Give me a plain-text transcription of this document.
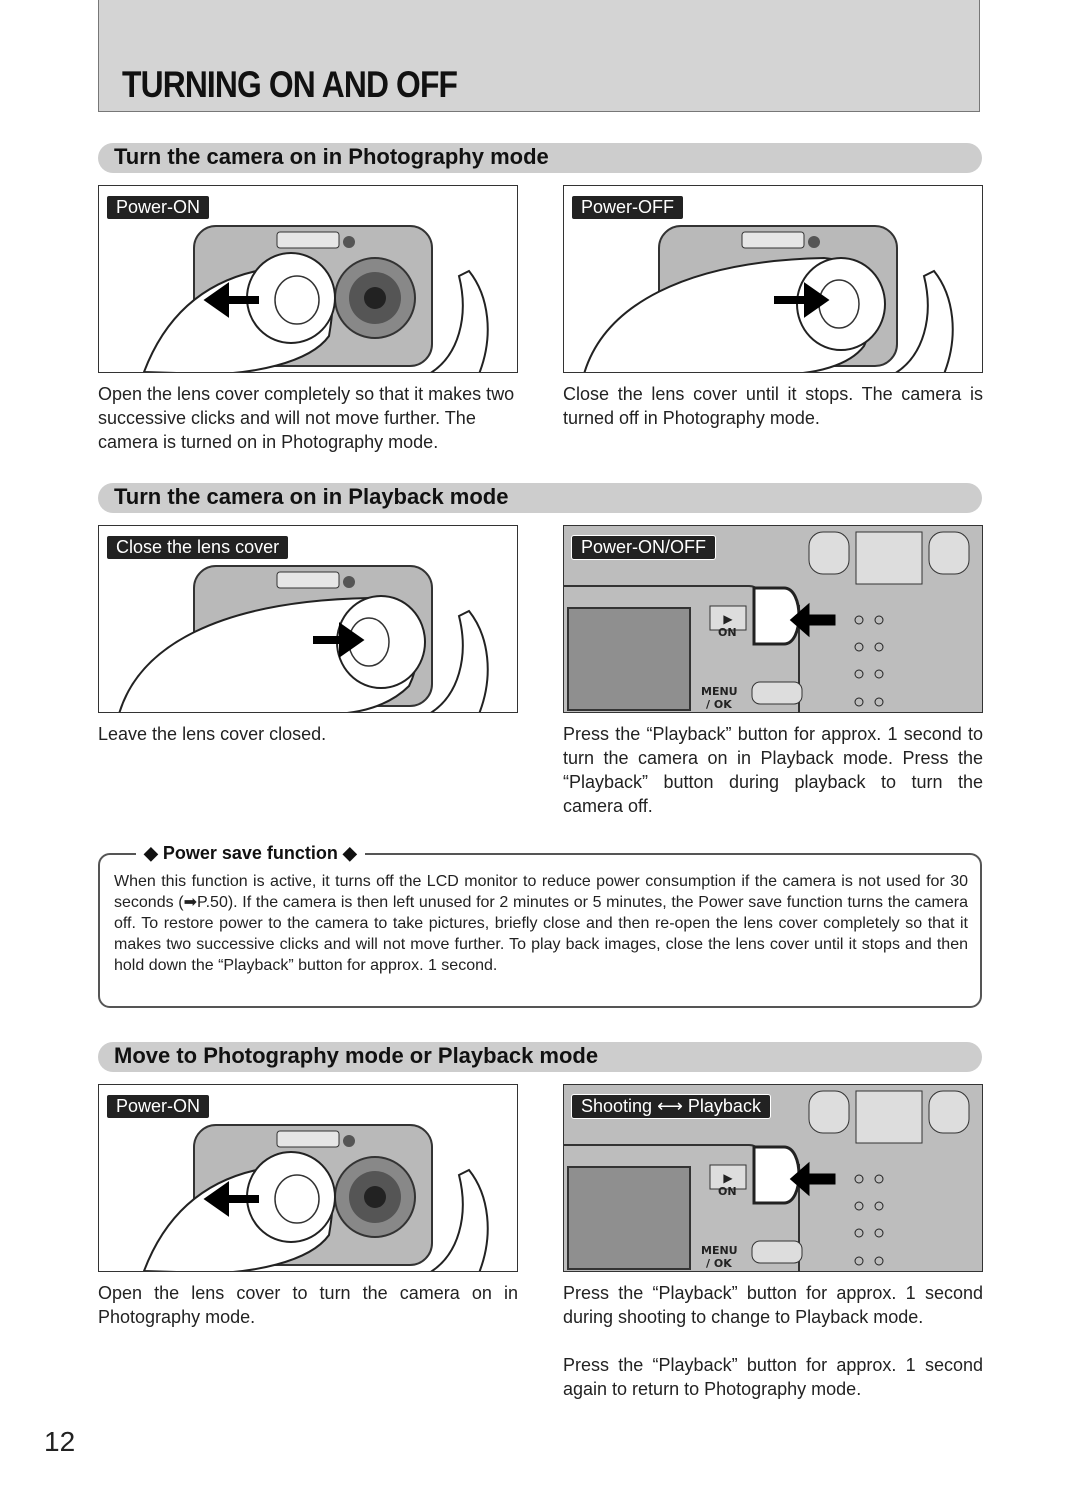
TURNING ON AND OFF
Turn the camera on in Photography mode
Power-ON	Power-OFF
Open the lens cover completely so that it makes two successive clicks and will not move further. The camera is turned on in Photography mode.
Close the lens cover until it stops. The camera is turned off in Photography mode.
Turn the camera on in Playback mode
Close the lens cover	Power-ON/OFF
▶
ON
MENU
/ OK
Leave the lens cover closed.	Press the “Playback” button for approx. 1 second to turn the camera on in Playback mode. Press the “Playback” button during playback to turn the camera off.
◆ Power save function ◆
When this function is active, it turns off the LCD monitor to reduce power consumption if the camera is not used for 30 seconds (➡P.50). If the camera is then left unused for 2 minutes or 5 minutes, the Power save function turns the camera off. To restore power to the camera to take pictures, briefly close and then re-open the lens cover completely so that it makes two successive clicks and will not move further. To play back images, close the lens cover until it stops and then hold down the “Playback” button for approx. 1 second.
Move to Photography mode or Playback mode
Power-ON	Shooting ⟷ Playback
▶
ON
MENU
/ OK
Open the lens cover to turn the camera on in Photography mode.
Press the “Playback” button for approx. 1 second during shooting to change to Playback mode.
Press the “Playback” button for approx. 1 second again to return to Photography mode.
12
